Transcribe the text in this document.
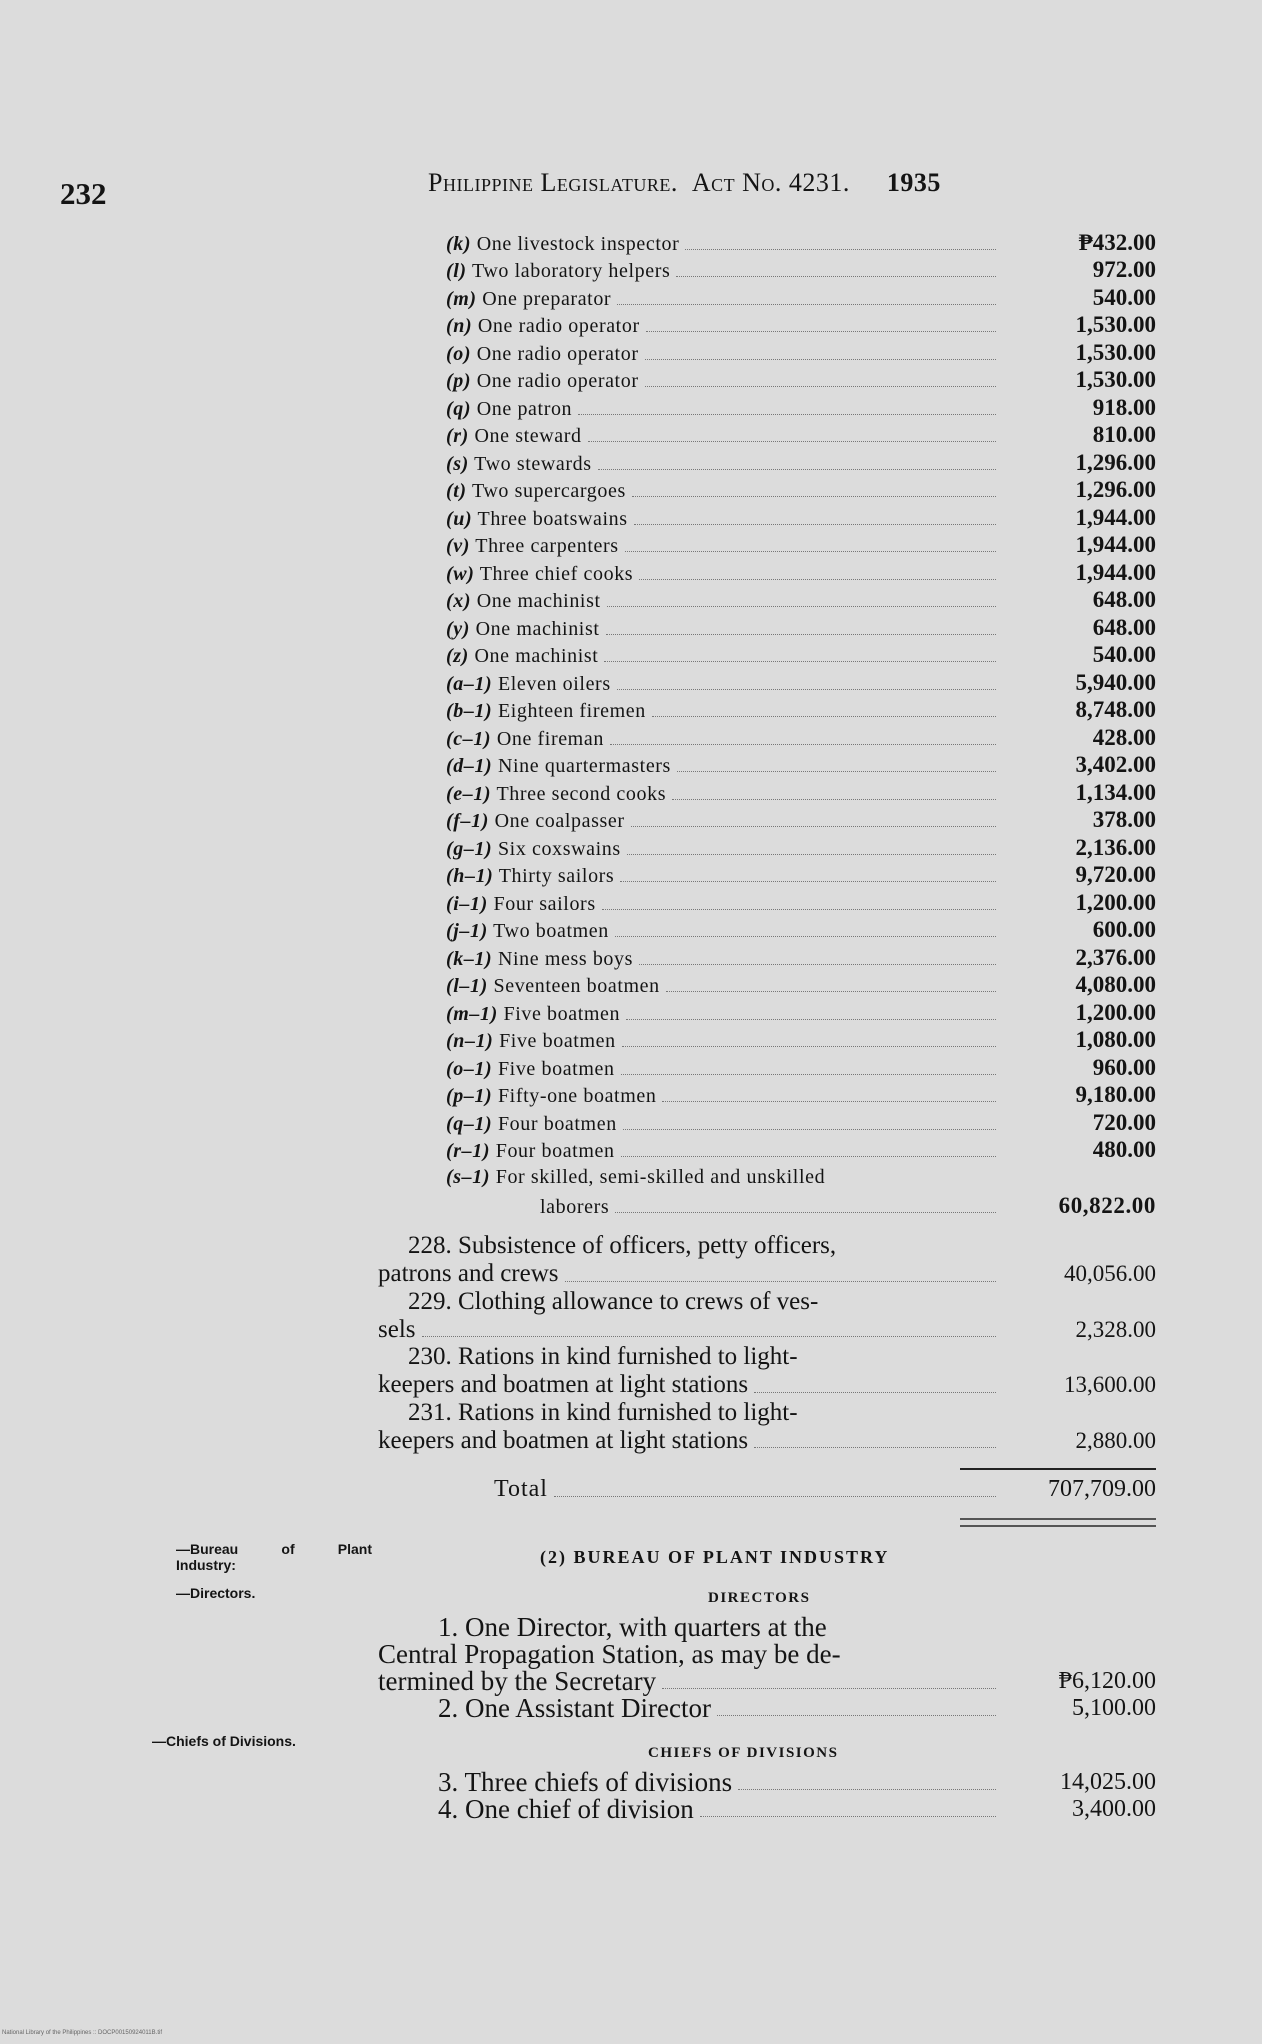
232	Philippine Legislature. Act No. 4231. 1935
(k) One livestock inspector	₱432.00
(l) Two laboratory helpers	972.00
(m) One preparator	540.00
(n) One radio operator	1,530.00
(o) One radio operator	1,530.00
(p) One radio operator	1,530.00
(q) One patron	918.00
(r) One steward	810.00
(s) Two stewards	1,296.00
(t) Two supercargoes	1,296.00
(u) Three boatswains	1,944.00
(v) Three carpenters	1,944.00
(w) Three chief cooks	1,944.00
(x) One machinist	648.00
(y) One machinist	648.00
(z) One machinist	540.00
(a–1) Eleven oilers	5,940.00
(b–1) Eighteen firemen	8,748.00
(c–1) One fireman	428.00
(d–1) Nine quartermasters	3,402.00
(e–1) Three second cooks	1,134.00
(f–1) One coalpasser	378.00
(g–1) Six coxswains	2,136.00
(h–1) Thirty sailors	9,720.00
(i–1) Four sailors	1,200.00
(j–1) Two boatmen	600.00
(k–1) Nine mess boys	2,376.00
(l–1) Seventeen boatmen	4,080.00
(m–1) Five boatmen	1,200.00
(n–1) Five boatmen	1,080.00
(o–1) Five boatmen	960.00
(p–1) Fifty-one boatmen	9,180.00
(q–1) Four boatmen	720.00
(r–1) Four boatmen	480.00
(s–1) For skilled, semi-skilled and unskilled
laborers	60,822.00
228. Subsistence of officers, petty officers,
patrons and crews	40,056.00
229. Clothing allowance to crews of ves-
sels	2,328.00
230. Rations in kind furnished to light-
keepers and boatmen at light stations	13,600.00
231. Rations in kind furnished to light-
keepers and boatmen at light stations	2,880.00
Total	707,709.00
—Bureau	of	Plant
Industry:
—Directors.
—Chiefs of Divisions.
(2) BUREAU OF PLANT INDUSTRY
DIRECTORS
1. One Director, with quarters at the
Central Propagation Station, as may be de-
termined by the Secretary	₱6,120.00
2. One Assistant Director	5,100.00
CHIEFS OF DIVISIONS
3. Three chiefs of divisions	14,025.00
4. One chief of division	3,400.00
National Library of the Philippines :: DOCP00150924011B.tif
